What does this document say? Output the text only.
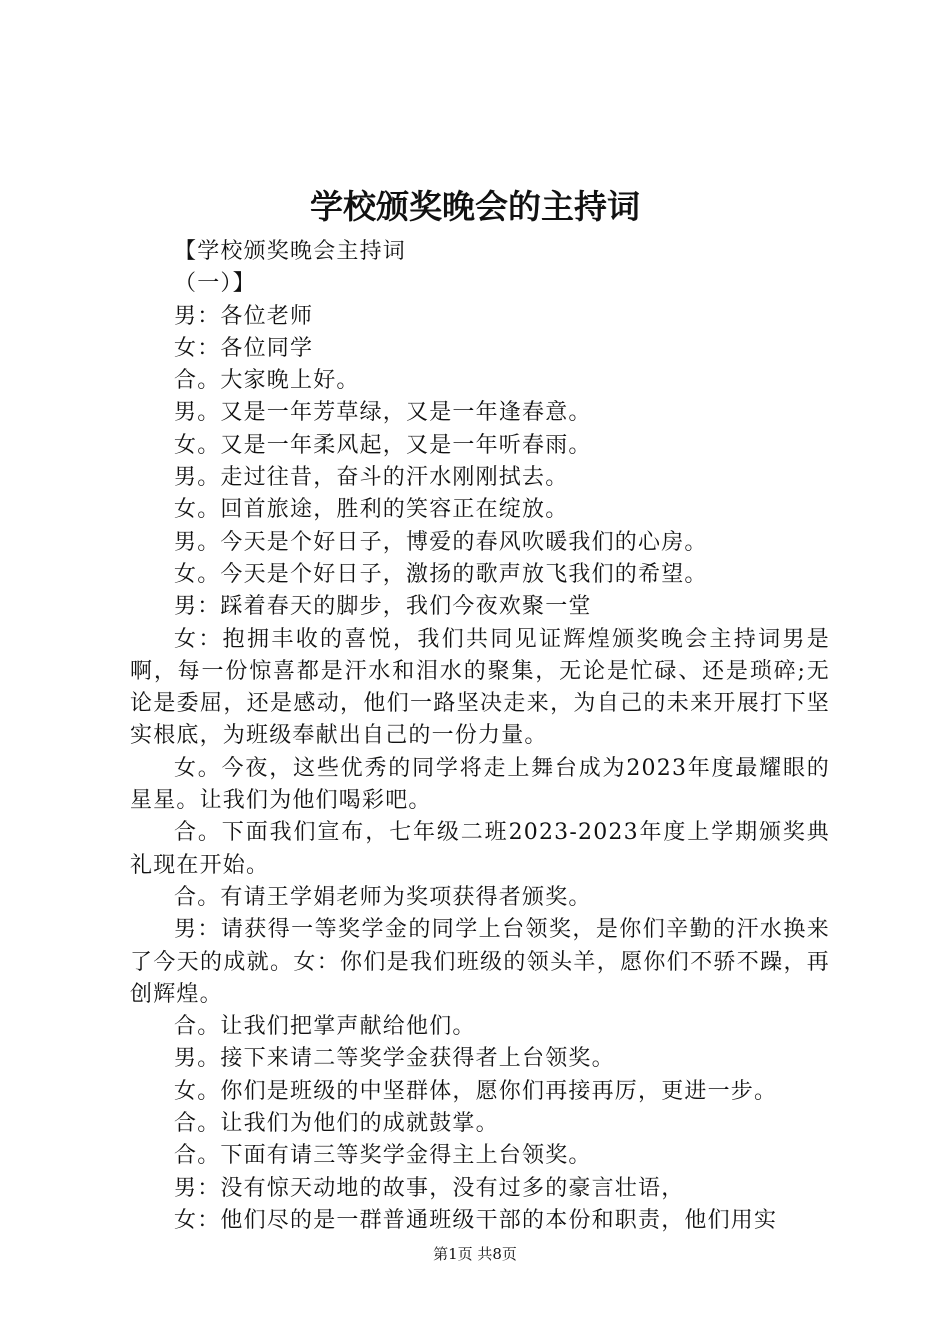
学校颁奖晚会的主持词

【学校颁奖晚会主持词

（一）】

男：各位老师

女：各位同学

合。大家晚上好。

男。又是一年芳草绿，又是一年逢春意。

女。又是一年柔风起，又是一年听春雨。

男。走过往昔，奋斗的汗水刚刚拭去。

女。回首旅途，胜利的笑容正在绽放。

男。今天是个好日子，博爱的春风吹暖我们的心房。

女。今天是个好日子，激扬的歌声放飞我们的希望。

男：踩着春天的脚步，我们今夜欢聚一堂

女：抱拥丰收的喜悦，我们共同见证辉煌颁奖晚会主持词男是啊，每一份惊喜都是汗水和泪水的聚集，无论是忙碌、还是琐碎;无论是委屈，还是感动，他们一路坚决走来，为自己的未来开展打下坚实根底，为班级奉献出自己的一份力量。

女。今夜，这些优秀的同学将走上舞台成为2023年度最耀眼的星星。让我们为他们喝彩吧。

合。下面我们宣布，七年级二班2023-2023年度上学期颁奖典礼现在开始。

合。有请王学娟老师为奖项获得者颁奖。

男：请获得一等奖学金的同学上台领奖，是你们辛勤的汗水换来了今天的成就。女：你们是我们班级的领头羊，愿你们不骄不躁，再创辉煌。

合。让我们把掌声献给他们。

男。接下来请二等奖学金获得者上台领奖。

女。你们是班级的中坚群体，愿你们再接再厉，更进一步。

合。让我们为他们的成就鼓掌。

合。下面有请三等奖学金得主上台领奖。

男：没有惊天动地的故事，没有过多的豪言壮语，

女：他们尽的是一群普通班级干部的本份和职责，他们用实

第1页 共8页
